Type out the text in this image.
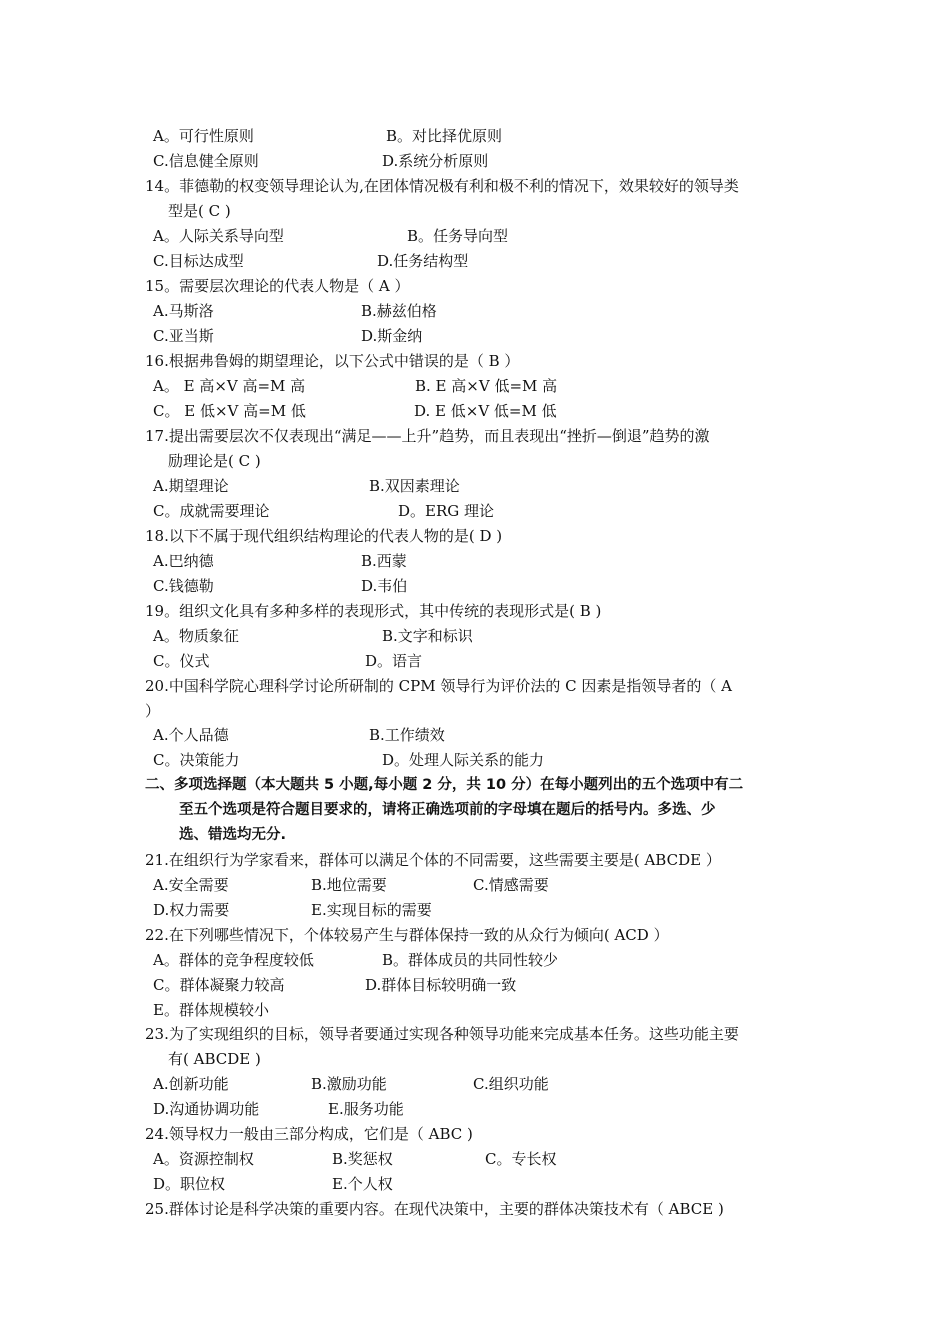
A。可行性原则	B。对比择优原则
C.信息健全原则	D.系统分析原则
14。菲德勒的权变领导理论认为,在团体情况极有利和极不利的情况下，效果较好的领导类
型是( C )
A。人际关系导向型	B。任务导向型
C.目标达成型	D.任务结构型
15。需要层次理论的代表人物是（ A ）
A.马斯洛	B.赫兹伯格
C.亚当斯	D.斯金纳
16.根据弗鲁姆的期望理论，以下公式中错误的是（ B ）
A。 E 高×V 高=M 高	B. E 高×V 低=M 高
C。 E 低×V 高=M 低	D. E 低×V 低=M 低
17.提出需要层次不仅表现出“满足——上升”趋势，而且表现出“挫折—倒退”趋势的激
励理论是( C )
A.期望理论	B.双因素理论
C。成就需要理论	D。ERG 理论
18.以下不属于现代组织结构理论的代表人物的是( D )
A.巴纳德	B.西蒙
C.钱德勒	D.韦伯
19。组织文化具有多种多样的表现形式，其中传统的表现形式是( B )
A。物质象征	B.文字和标识
C。仪式	D。语言
20.中国科学院心理科学讨论所研制的 CPM 领导行为评价法的 C 因素是指领导者的（ A
）
A.个人品德	B.工作绩效
C。决策能力	D。处理人际关系的能力
二、多项选择题（本大题共 5 小题,每小题 2 分，共 10 分）在每小题列出的五个选项中有二
至五个选项是符合题目要求的，请将正确选项前的字母填在题后的括号内。多选、少
选、错选均无分.
21.在组织行为学家看来，群体可以满足个体的不同需要，这些需要主要是( ABCDE ）
A.安全需要	B.地位需要	C.情感需要
D.权力需要	E.实现目标的需要
22.在下列哪些情况下，个体较易产生与群体保持一致的从众行为倾向( ACD ）
A。群体的竞争程度较低	B。群体成员的共同性较少
C。群体凝聚力较高	D.群体目标较明确一致
E。群体规模较小
23.为了实现组织的目标，领导者要通过实现各种领导功能来完成基本任务。这些功能主要
有( ABCDE )
A.创新功能	B.激励功能	C.组织功能
D.沟通协调功能	E.服务功能
24.领导权力一般由三部分构成，它们是（ ABC )
A。资源控制权	B.奖惩权	C。专长权
D。职位权	E.个人权
25.群体讨论是科学决策的重要内容。在现代决策中，主要的群体决策技术有（ ABCE )
